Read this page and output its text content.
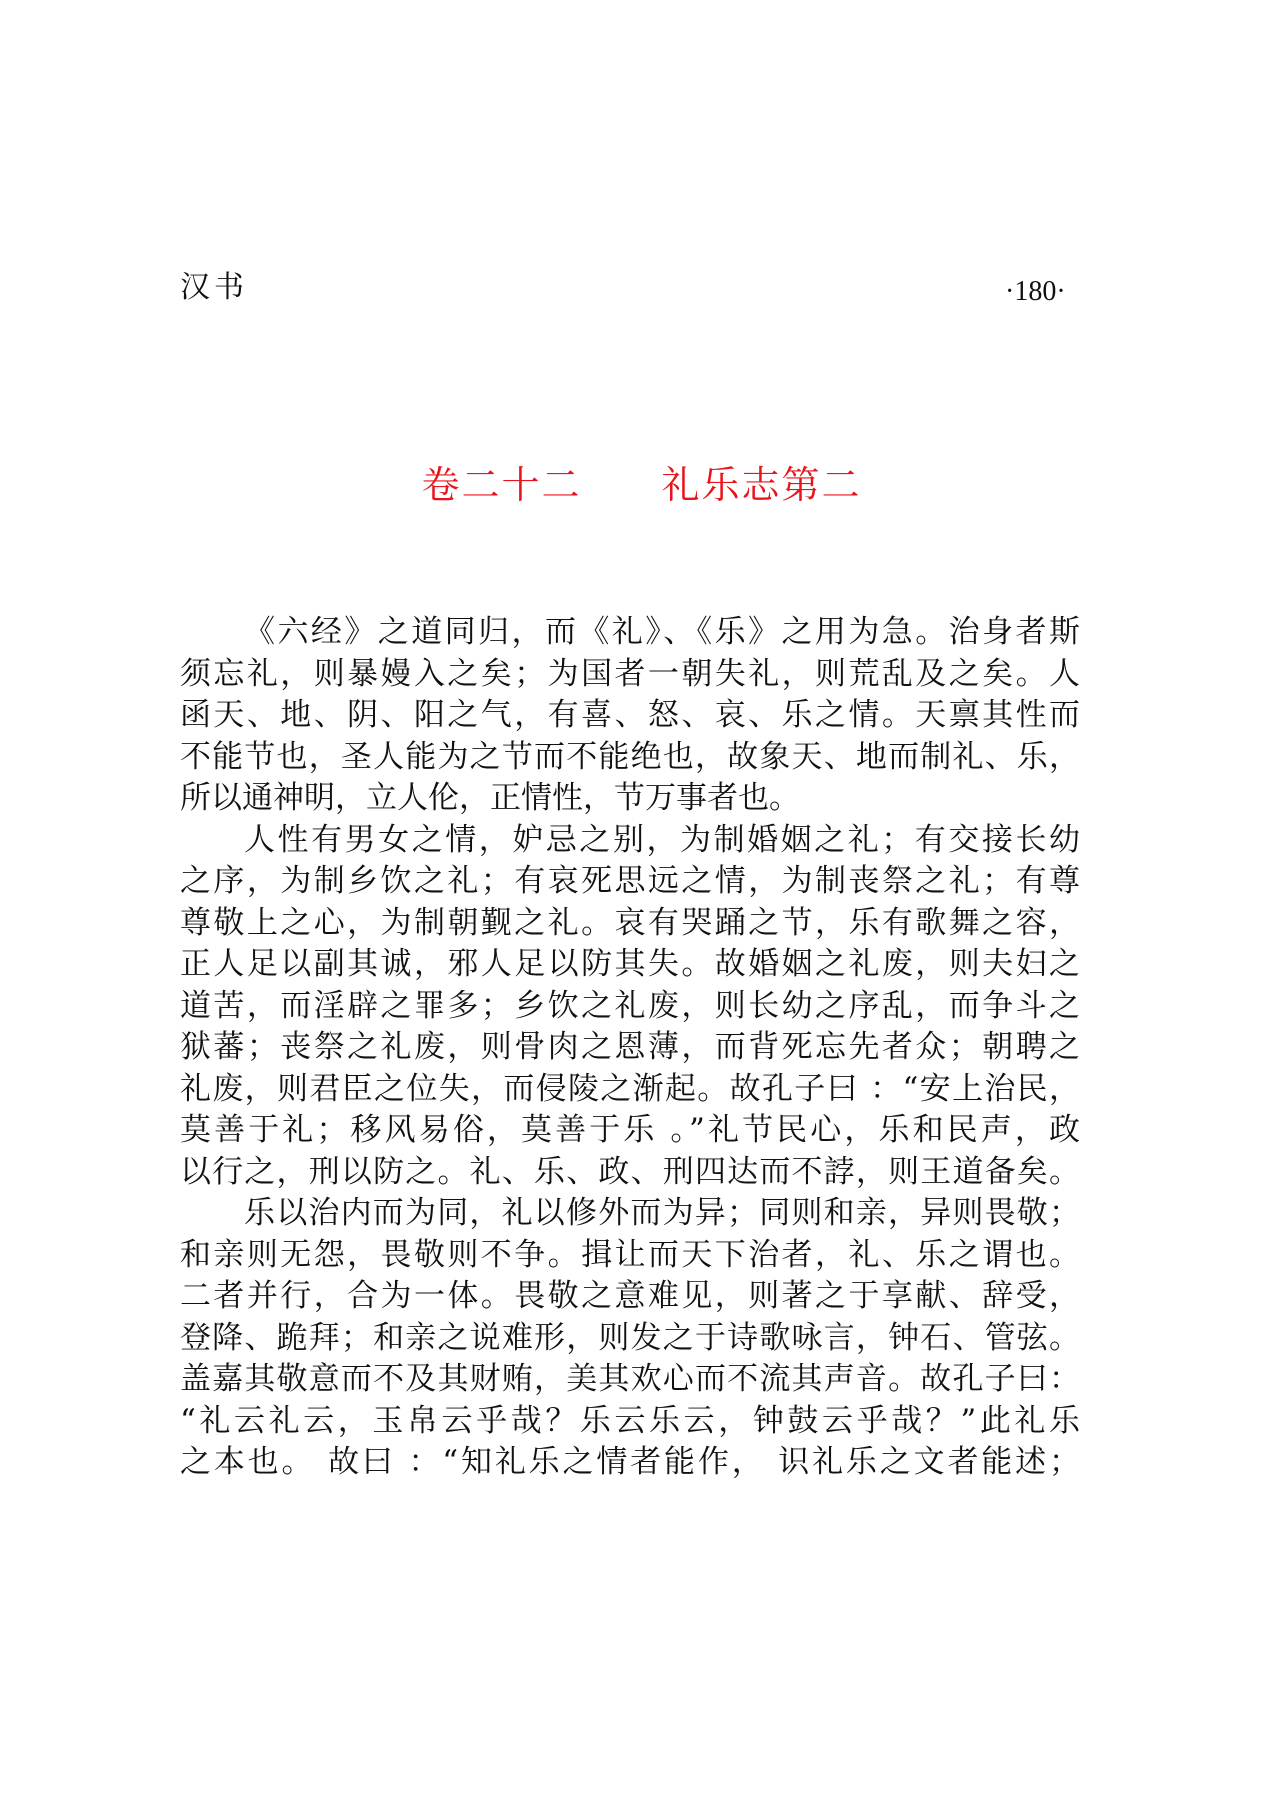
汉书	·180·
卷二十二 礼乐志第二
《六经》之道同归，而《礼》、《乐》之用为急。治身者斯
须忘礼，则暴嫚入之矣；为国者一朝失礼，则荒乱及之矣。人
函天、地、阴、阳之气，有喜、怒、哀、乐之情。天禀其性而
不能节也，圣人能为之节而不能绝也，故象天、地而制礼、乐，
所以通神明，立人伦，正情性，节万事者也。
人性有男女之情，妒忌之别，为制婚姻之礼；有交接长幼
之序，为制乡饮之礼；有哀死思远之情，为制丧祭之礼；有尊
尊敬上之心，为制朝觐之礼。哀有哭踊之节，乐有歌舞之容，
正人足以副其诚，邪人足以防其失。故婚姻之礼废，则夫妇之
道苦，而淫辟之罪多；乡饮之礼废，则长幼之序乱，而争斗之
狱蕃；丧祭之礼废，则骨肉之恩薄，而背死忘先者众；朝聘之
礼废，则君臣之位失，而侵陵之渐起。故孔子曰 ：“安上治民，
莫善于礼；移风易俗，莫善于乐 。”礼节民心，乐和民声，政
以行之，刑以防之。礼、乐、政、刑四达而不誖，则王道备矣。
乐以治内而为同，礼以修外而为异；同则和亲，异则畏敬；
和亲则无怨，畏敬则不争。揖让而天下治者，礼、乐之谓也。
二者并行，合为一体。畏敬之意难见，则著之于享献、辞受，
登降、跪拜；和亲之说难形，则发之于诗歌咏言，钟石、管弦。
盖嘉其敬意而不及其财贿，美其欢心而不流其声音。故孔子曰：
“礼云礼云，玉帛云乎哉？乐云乐云，钟鼓云乎哉？”此礼乐
之本也。 故曰 ：“知礼乐之情者能作， 识礼乐之文者能述；
